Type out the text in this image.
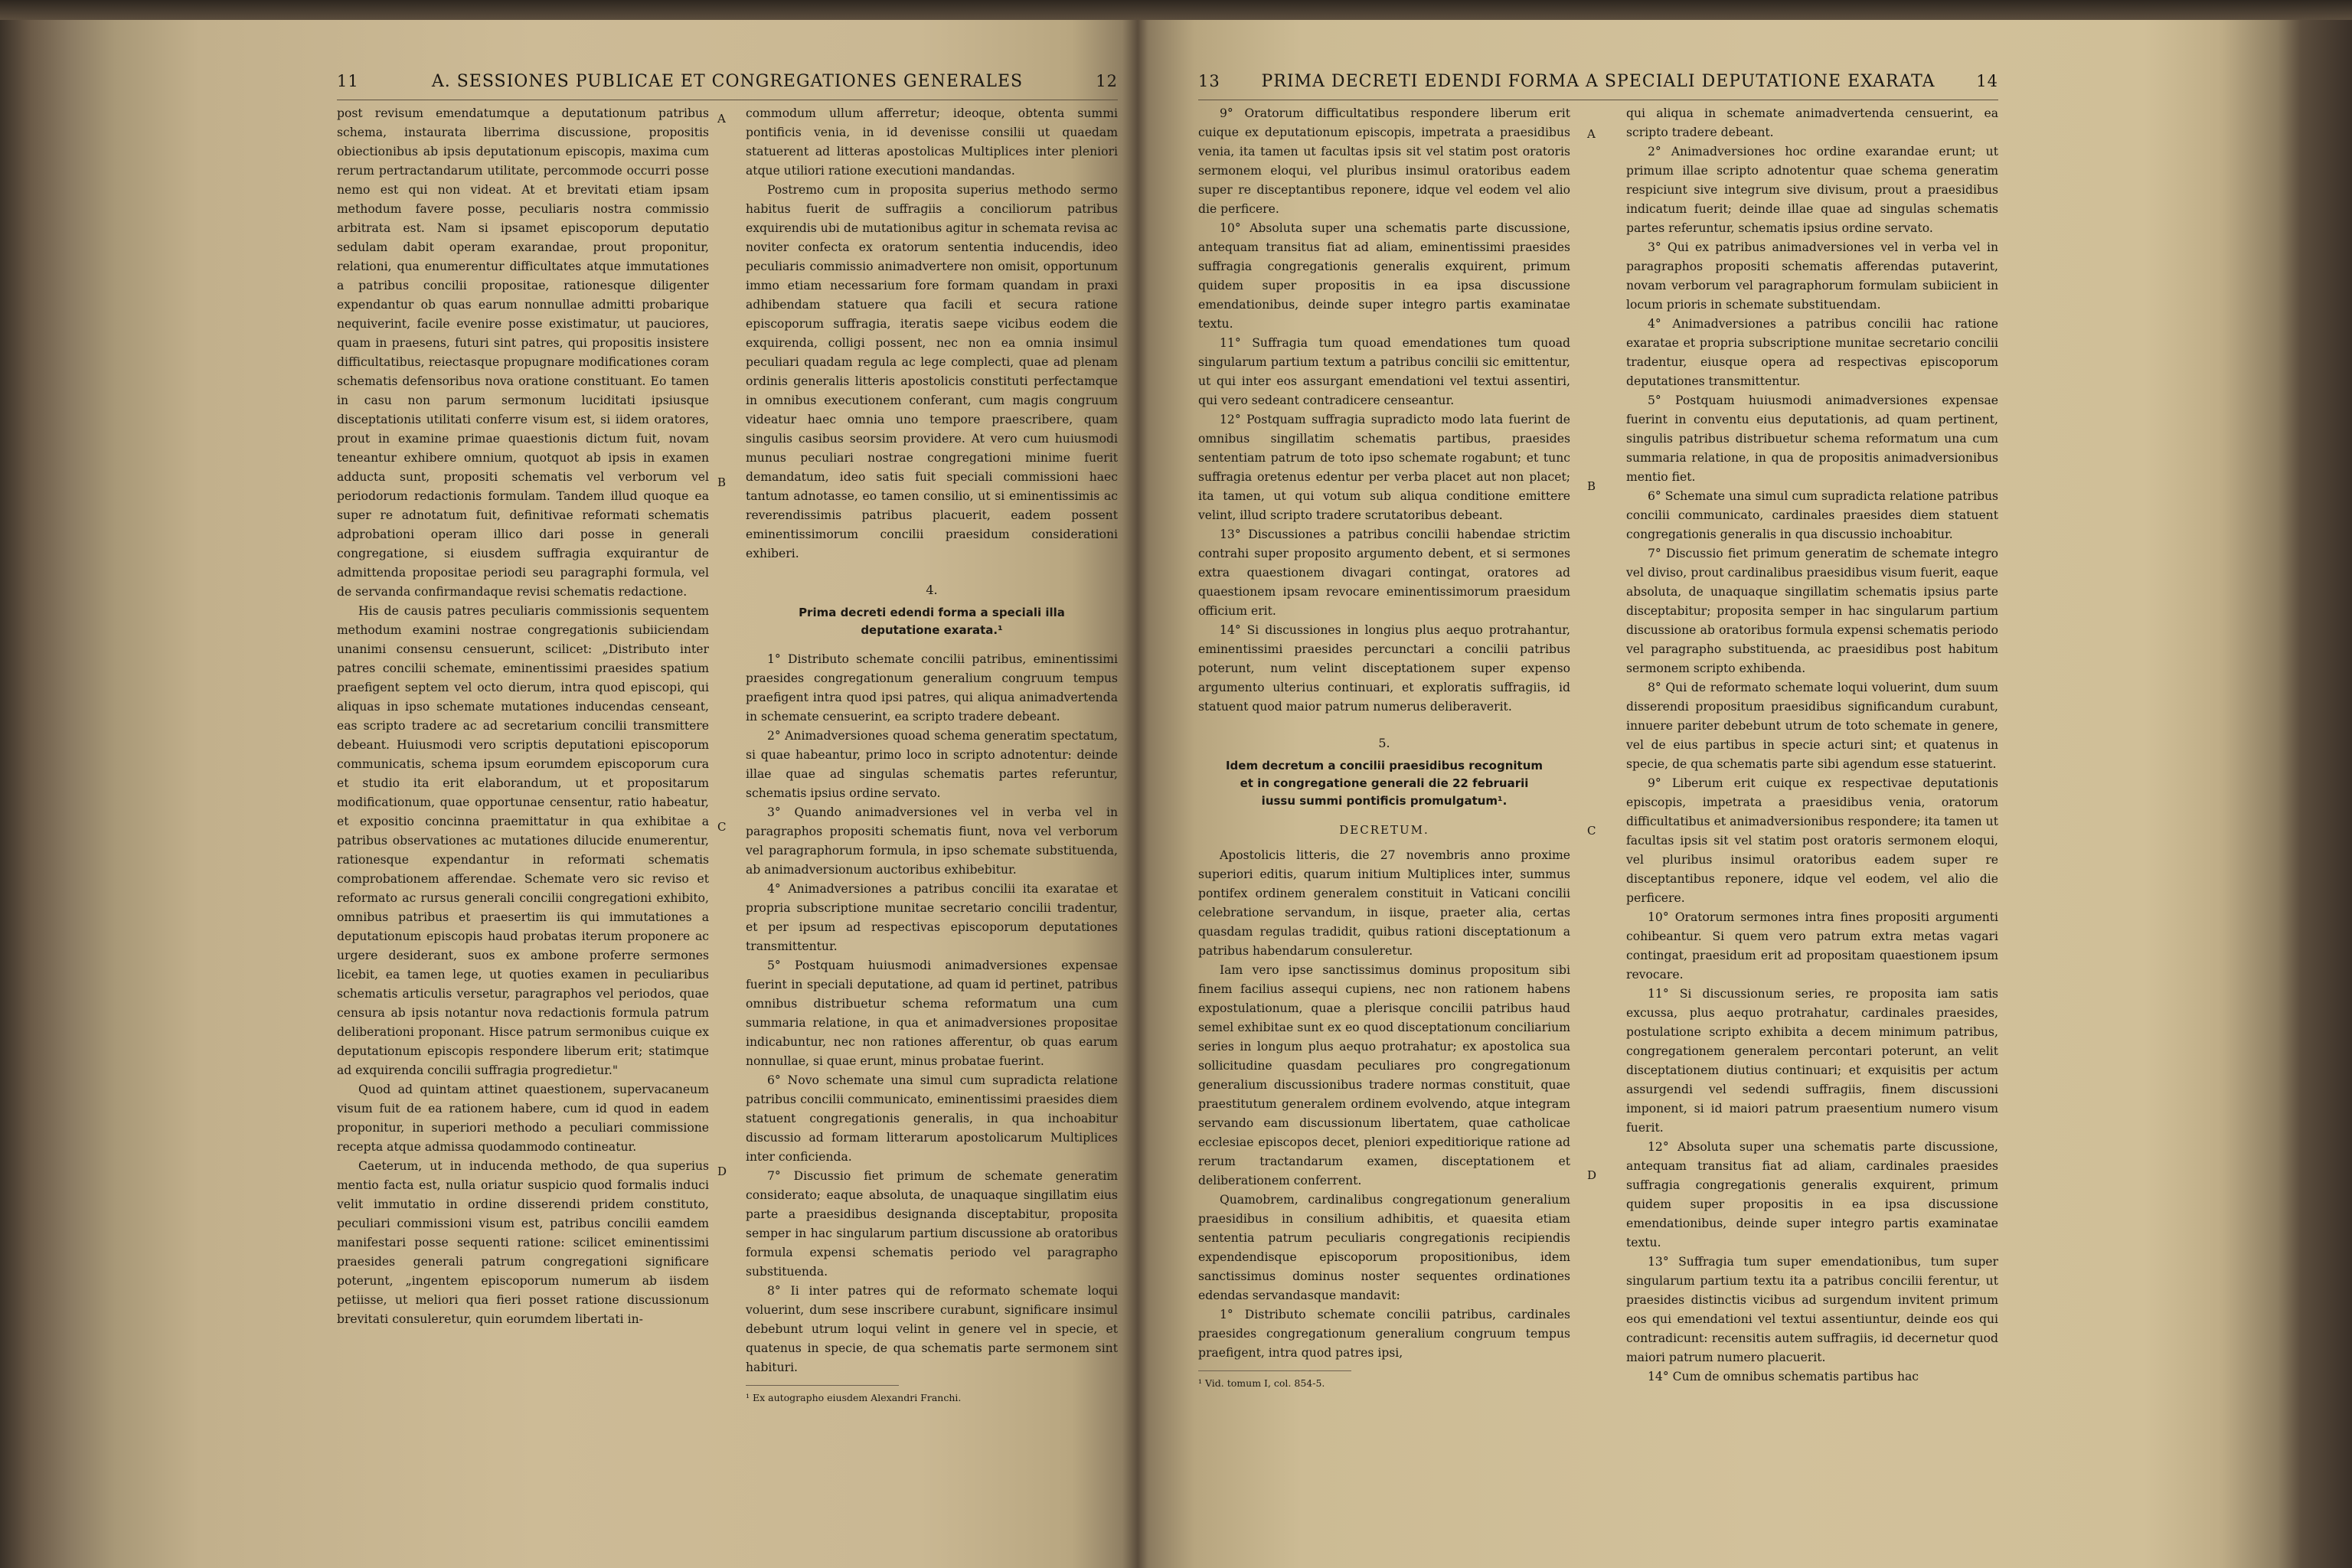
11	A. SESSIONES PUBLICAE ET CONGREGATIONES GENERALES	12

post revisum emendatumque a deputationum patribus schema, instaurata liberrima discussione, propositis obiectionibus ab ipsis deputationum episcopis, maxima cum rerum pertractandarum utilitate, percommode occurri posse nemo est qui non videat. At et brevitati etiam ipsam methodum favere posse, peculiaris nostra commissio arbitrata est. Nam si ipsamet episcoporum deputatio sedulam dabit operam exarandae, prout proponitur, relationi, qua enumerentur difficultates atque immutationes a patribus concilii propositae, rationesque diligenter expendantur ob quas earum nonnullae admitti probarique nequiverint, facile evenire posse existimatur, ut pauciores, quam in praesens, futuri sint patres, qui propositis insistere difficultatibus, reiectasque propugnare modificationes coram schematis defensoribus nova oratione constituant. Eo tamen in casu non parum sermonum luciditati ipsiusque disceptationis utilitati conferre visum est, si iidem oratores, prout in examine primae quaestionis dictum fuit, novam teneantur exhibere omnium, quotquot ab ipsis in examen adducta sunt, propositi schematis vel verborum vel periodorum redactionis formulam. Tandem illud quoque ea super re adnotatum fuit, definitivae reformati schematis adprobationi operam illico dari posse in generali congregatione, si eiusdem suffragia exquirantur de admittenda propositae periodi seu paragraphi formula, vel de servanda confirmandaque revisi schematis redactione.

His de causis patres peculiaris commissionis sequentem methodum examini nostrae congregationis subiiciendam unanimi consensu censuerunt, scilicet: „Distributo inter patres concilii schemate, eminentissimi praesides spatium praefigent septem vel octo dierum, intra quod episcopi, qui aliquas in ipso schemate mutationes inducendas censeant, eas scripto tradere ac ad secretarium concilii transmittere debeant. Huiusmodi vero scriptis deputationi episcoporum communicatis, schema ipsum eorumdem episcoporum cura et studio ita erit elaborandum, ut et propositarum modificationum, quae opportunae censentur, ratio habeatur, et expositio concinna praemittatur in qua exhibitae a patribus observationes ac mutationes dilucide enumerentur, rationesque expendantur in reformati schematis comprobationem afferendae. Schemate vero sic reviso et reformato ac rursus generali concilii congregationi exhibito, omnibus patribus et praesertim iis qui immutationes a deputationum episcopis haud probatas iterum proponere ac urgere desiderant, suos ex ambone proferre sermones licebit, ea tamen lege, ut quoties examen in peculiaribus schematis articulis versetur, paragraphos vel periodos, quae censura ab ipsis notantur nova redactionis formula patrum deliberationi proponant. Hisce patrum sermonibus cuique ex deputationum episcopis respondere liberum erit; statimque ad exquirenda concilii suffragia progredietur."

Quod ad quintam attinet quaestionem, supervacaneum visum fuit de ea rationem habere, cum id quod in eadem proponitur, in superiori methodo a peculiari commissione recepta atque admissa quodammodo contineatur.

Caeterum, ut in inducenda methodo, de qua superius mentio facta est, nulla oriatur suspicio quod formalis induci velit immutatio in ordine disserendi pridem constituto, peculiari commissioni visum est, patribus concilii eamdem manifestari posse sequenti ratione: scilicet eminentissimi praesides generali patrum congregationi significare poterunt, „ingentem episcoporum numerum ab iisdem petiisse, ut meliori qua fieri posset ratione discussionum brevitati consuleretur, quin eorumdem libertati in-

commodum ullum afferretur; ideoque, obtenta summi pontificis venia, in id devenisse consilii ut quaedam statuerent ad litteras apostolicas Multiplices inter pleniori atque utiliori ratione executioni mandandas.

Postremo cum in proposita superius methodo sermo habitus fuerit de suffragiis a conciliorum patribus exquirendis ubi de mutationibus agitur in schemata revisa ac noviter confecta ex oratorum sententia inducendis, ideo peculiaris commissio animadvertere non omisit, opportunum immo etiam necessarium fore formam quandam in praxi adhibendam statuere qua facili et secura ratione episcoporum suffragia, iteratis saepe vicibus eodem die exquirenda, colligi possent, nec non ea omnia insimul peculiari quadam regula ac lege complecti, quae ad plenam ordinis generalis litteris apostolicis constituti perfectamque in omnibus executionem conferant, cum magis congruum videatur haec omnia uno tempore praescribere, quam singulis casibus seorsim providere. At vero cum huiusmodi munus peculiari nostrae congregationi minime fuerit demandatum, ideo satis fuit speciali commissioni haec tantum adnotasse, eo tamen consilio, ut si eminentissimis ac reverendissimis patribus placuerit, eadem possent eminentissimorum concilii praesidum considerationi exhiberi.

4.
Prima decreti edendi forma a speciali illa
deputatione exarata.¹

1° Distributo schemate concilii patribus, eminentissimi praesides congregationum generalium congruum tempus praefigent intra quod ipsi patres, qui aliqua animadvertenda in schemate censuerint, ea scripto tradere debeant.

2° Animadversiones quoad schema generatim spectatum, si quae habeantur, primo loco in scripto adnotentur: deinde illae quae ad singulas schematis partes referuntur, schematis ipsius ordine servato.

3° Quando animadversiones vel in verba vel in paragraphos propositi schematis fiunt, nova vel verborum vel paragraphorum formula, in ipso schemate substituenda, ab animadversionum auctoribus exhibebitur.

4° Animadversiones a patribus concilii ita exaratae et propria subscriptione munitae secretario concilii tradentur, et per ipsum ad respectivas episcoporum deputationes transmittentur.

5° Postquam huiusmodi animadversiones expensae fuerint in speciali deputatione, ad quam id pertinet, patribus omnibus distribuetur schema reformatum una cum summaria relatione, in qua et animadversiones propositae indicabuntur, nec non rationes afferentur, ob quas earum nonnullae, si quae erunt, minus probatae fuerint.

6° Novo schemate una simul cum supradicta relatione patribus concilii communicato, eminentissimi praesides diem statuent congregationis generalis, in qua inchoabitur discussio ad formam litterarum apostolicarum Multiplices inter conficienda.

7° Discussio fiet primum de schemate generatim considerato; eaque absoluta, de unaquaque singillatim eius parte a praesidibus designanda disceptabitur, proposita semper in hac singularum partium discussione ab oratoribus formula expensi schematis periodo vel paragrapho substituenda.

8° Ii inter patres qui de reformato schemate loqui voluerint, dum sese inscribere curabunt, significare insimul debebunt utrum loqui velint in genere vel in specie, et quatenus in specie, de qua schematis parte sermonem sint habituri.

¹ Ex autographo eiusdem Alexandri Franchi.
A
B
C
D
13	PRIMA DECRETI EDENDI FORMA A SPECIALI DEPUTATIONE EXARATA	14

9° Oratorum difficultatibus respondere liberum erit cuique ex deputationum episcopis, impetrata a praesidibus venia, ita tamen ut facultas ipsis sit vel statim post oratoris sermonem eloqui, vel pluribus insimul oratoribus eadem super re disceptantibus reponere, idque vel eodem vel alio die perficere.

10° Absoluta super una schematis parte discussione, antequam transitus fiat ad aliam, eminentissimi praesides suffragia congregationis generalis exquirent, primum quidem super propositis in ea ipsa discussione emendationibus, deinde super integro partis examinatae textu.

11° Suffragia tum quoad emendationes tum quoad singularum partium textum a patribus concilii sic emittentur, ut qui inter eos assurgant emendationi vel textui assentiri, qui vero sedeant contradicere censeantur.

12° Postquam suffragia supradicto modo lata fuerint de omnibus singillatim schematis partibus, praesides sententiam patrum de toto ipso schemate rogabunt; et tunc suffragia oretenus edentur per verba placet aut non placet; ita tamen, ut qui votum sub aliqua conditione emittere velint, illud scripto tradere scrutatoribus debeant.

13° Discussiones a patribus concilii habendae strictim contrahi super proposito argumento debent, et si sermones extra quaestionem divagari contingat, oratores ad quaestionem ipsam revocare eminentissimorum praesidum officium erit.

14° Si discussiones in longius plus aequo protrahantur, eminentissimi praesides percunctari a concilii patribus poterunt, num velint disceptationem super expenso argumento ulterius continuari, et exploratis suffragiis, id statuent quod maior patrum numerus deliberaverit.

5.
Idem decretum a concilii praesidibus recognitum
et in congregatione generali die 22 februarii
iussu summi pontificis promulgatum¹.
DECRETUM.

Apostolicis litteris, die 27 novembris anno proxime superiori editis, quarum initium Multiplices inter, summus pontifex ordinem generalem constituit in Vaticani concilii celebratione servandum, in iisque, praeter alia, certas quasdam regulas tradidit, quibus rationi disceptationum a patribus habendarum consuleretur.

Iam vero ipse sanctissimus dominus propositum sibi finem facilius assequi cupiens, nec non rationem habens expostulationum, quae a plerisque concilii patribus haud semel exhibitae sunt ex eo quod disceptationum conciliarium series in longum plus aequo protrahatur; ex apostolica sua sollicitudine quasdam peculiares pro congregationum generalium discussionibus tradere normas constituit, quae praestitutum generalem ordinem evolvendo, atque integram servando eam discussionum libertatem, quae catholicae ecclesiae episcopos decet, pleniori expeditiorique ratione ad rerum tractandarum examen, disceptationem et deliberationem conferrent.

Quamobrem, cardinalibus congregationum generalium praesidibus in consilium adhibitis, et quaesita etiam sententia patrum peculiaris congregationis recipiendis expendendisque episcoporum propositionibus, idem sanctissimus dominus noster sequentes ordinationes edendas servandasque mandavit:

1° Distributo schemate concilii patribus, cardinales praesides congregationum generalium congruum tempus praefigent, intra quod patres ipsi,

¹ Vid. tomum I, col. 854-5.

qui aliqua in schemate animadvertenda censuerint, ea scripto tradere debeant.

2° Animadversiones hoc ordine exarandae erunt; ut primum illae scripto adnotentur quae schema generatim respiciunt sive integrum sive divisum, prout a praesidibus indicatum fuerit; deinde illae quae ad singulas schematis partes referuntur, schematis ipsius ordine servato.

3° Qui ex patribus animadversiones vel in verba vel in paragraphos propositi schematis afferendas putaverint, novam verborum vel paragraphorum formulam subiicient in locum prioris in schemate substituendam.

4° Animadversiones a patribus concilii hac ratione exaratae et propria subscriptione munitae secretario concilii tradentur, eiusque opera ad respectivas episcoporum deputationes transmittentur.

5° Postquam huiusmodi animadversiones expensae fuerint in conventu eius deputationis, ad quam pertinent, singulis patribus distribuetur schema reformatum una cum summaria relatione, in qua de propositis animadversionibus mentio fiet.

6° Schemate una simul cum supradicta relatione patribus concilii communicato, cardinales praesides diem statuent congregationis generalis in qua discussio inchoabitur.

7° Discussio fiet primum generatim de schemate integro vel diviso, prout cardinalibus praesidibus visum fuerit, eaque absoluta, de unaquaque singillatim schematis ipsius parte disceptabitur; proposita semper in hac singularum partium discussione ab oratoribus formula expensi schematis periodo vel paragrapho substituenda, ac praesidibus post habitum sermonem scripto exhibenda.

8° Qui de reformato schemate loqui voluerint, dum suum disserendi propositum praesidibus significandum curabunt, innuere pariter debebunt utrum de toto schemate in genere, vel de eius partibus in specie acturi sint; et quatenus in specie, de qua schematis parte sibi agendum esse statuerint.

9° Liberum erit cuique ex respectivae deputationis episcopis, impetrata a praesidibus venia, oratorum difficultatibus et animadversionibus respondere; ita tamen ut facultas ipsis sit vel statim post oratoris sermonem eloqui, vel pluribus insimul oratoribus eadem super re disceptantibus reponere, idque vel eodem, vel alio die perficere.

10° Oratorum sermones intra fines propositi argumenti cohibeantur. Si quem vero patrum extra metas vagari contingat, praesidum erit ad propositam quaestionem ipsum revocare.

11° Si discussionum series, re proposita iam satis excussa, plus aequo protrahatur, cardinales praesides, postulatione scripto exhibita a decem minimum patribus, congregationem generalem percontari poterunt, an velit disceptationem diutius continuari; et exquisitis per actum assurgendi vel sedendi suffragiis, finem discussioni imponent, si id maiori patrum praesentium numero visum fuerit.

12° Absoluta super una schematis parte discussione, antequam transitus fiat ad aliam, cardinales praesides suffragia congregationis generalis exquirent, primum quidem super propositis in ea ipsa discussione emendationibus, deinde super integro partis examinatae textu.

13° Suffragia tum super emendationibus, tum super singularum partium textu ita a patribus concilii ferentur, ut praesides distinctis vicibus ad surgendum invitent primum eos qui emendationi vel textui assentiuntur, deinde eos qui contradicunt: recensitis autem suffragiis, id decernetur quod maiori patrum numero placuerit.

14° Cum de omnibus schematis partibus hac

A
B
C
D
